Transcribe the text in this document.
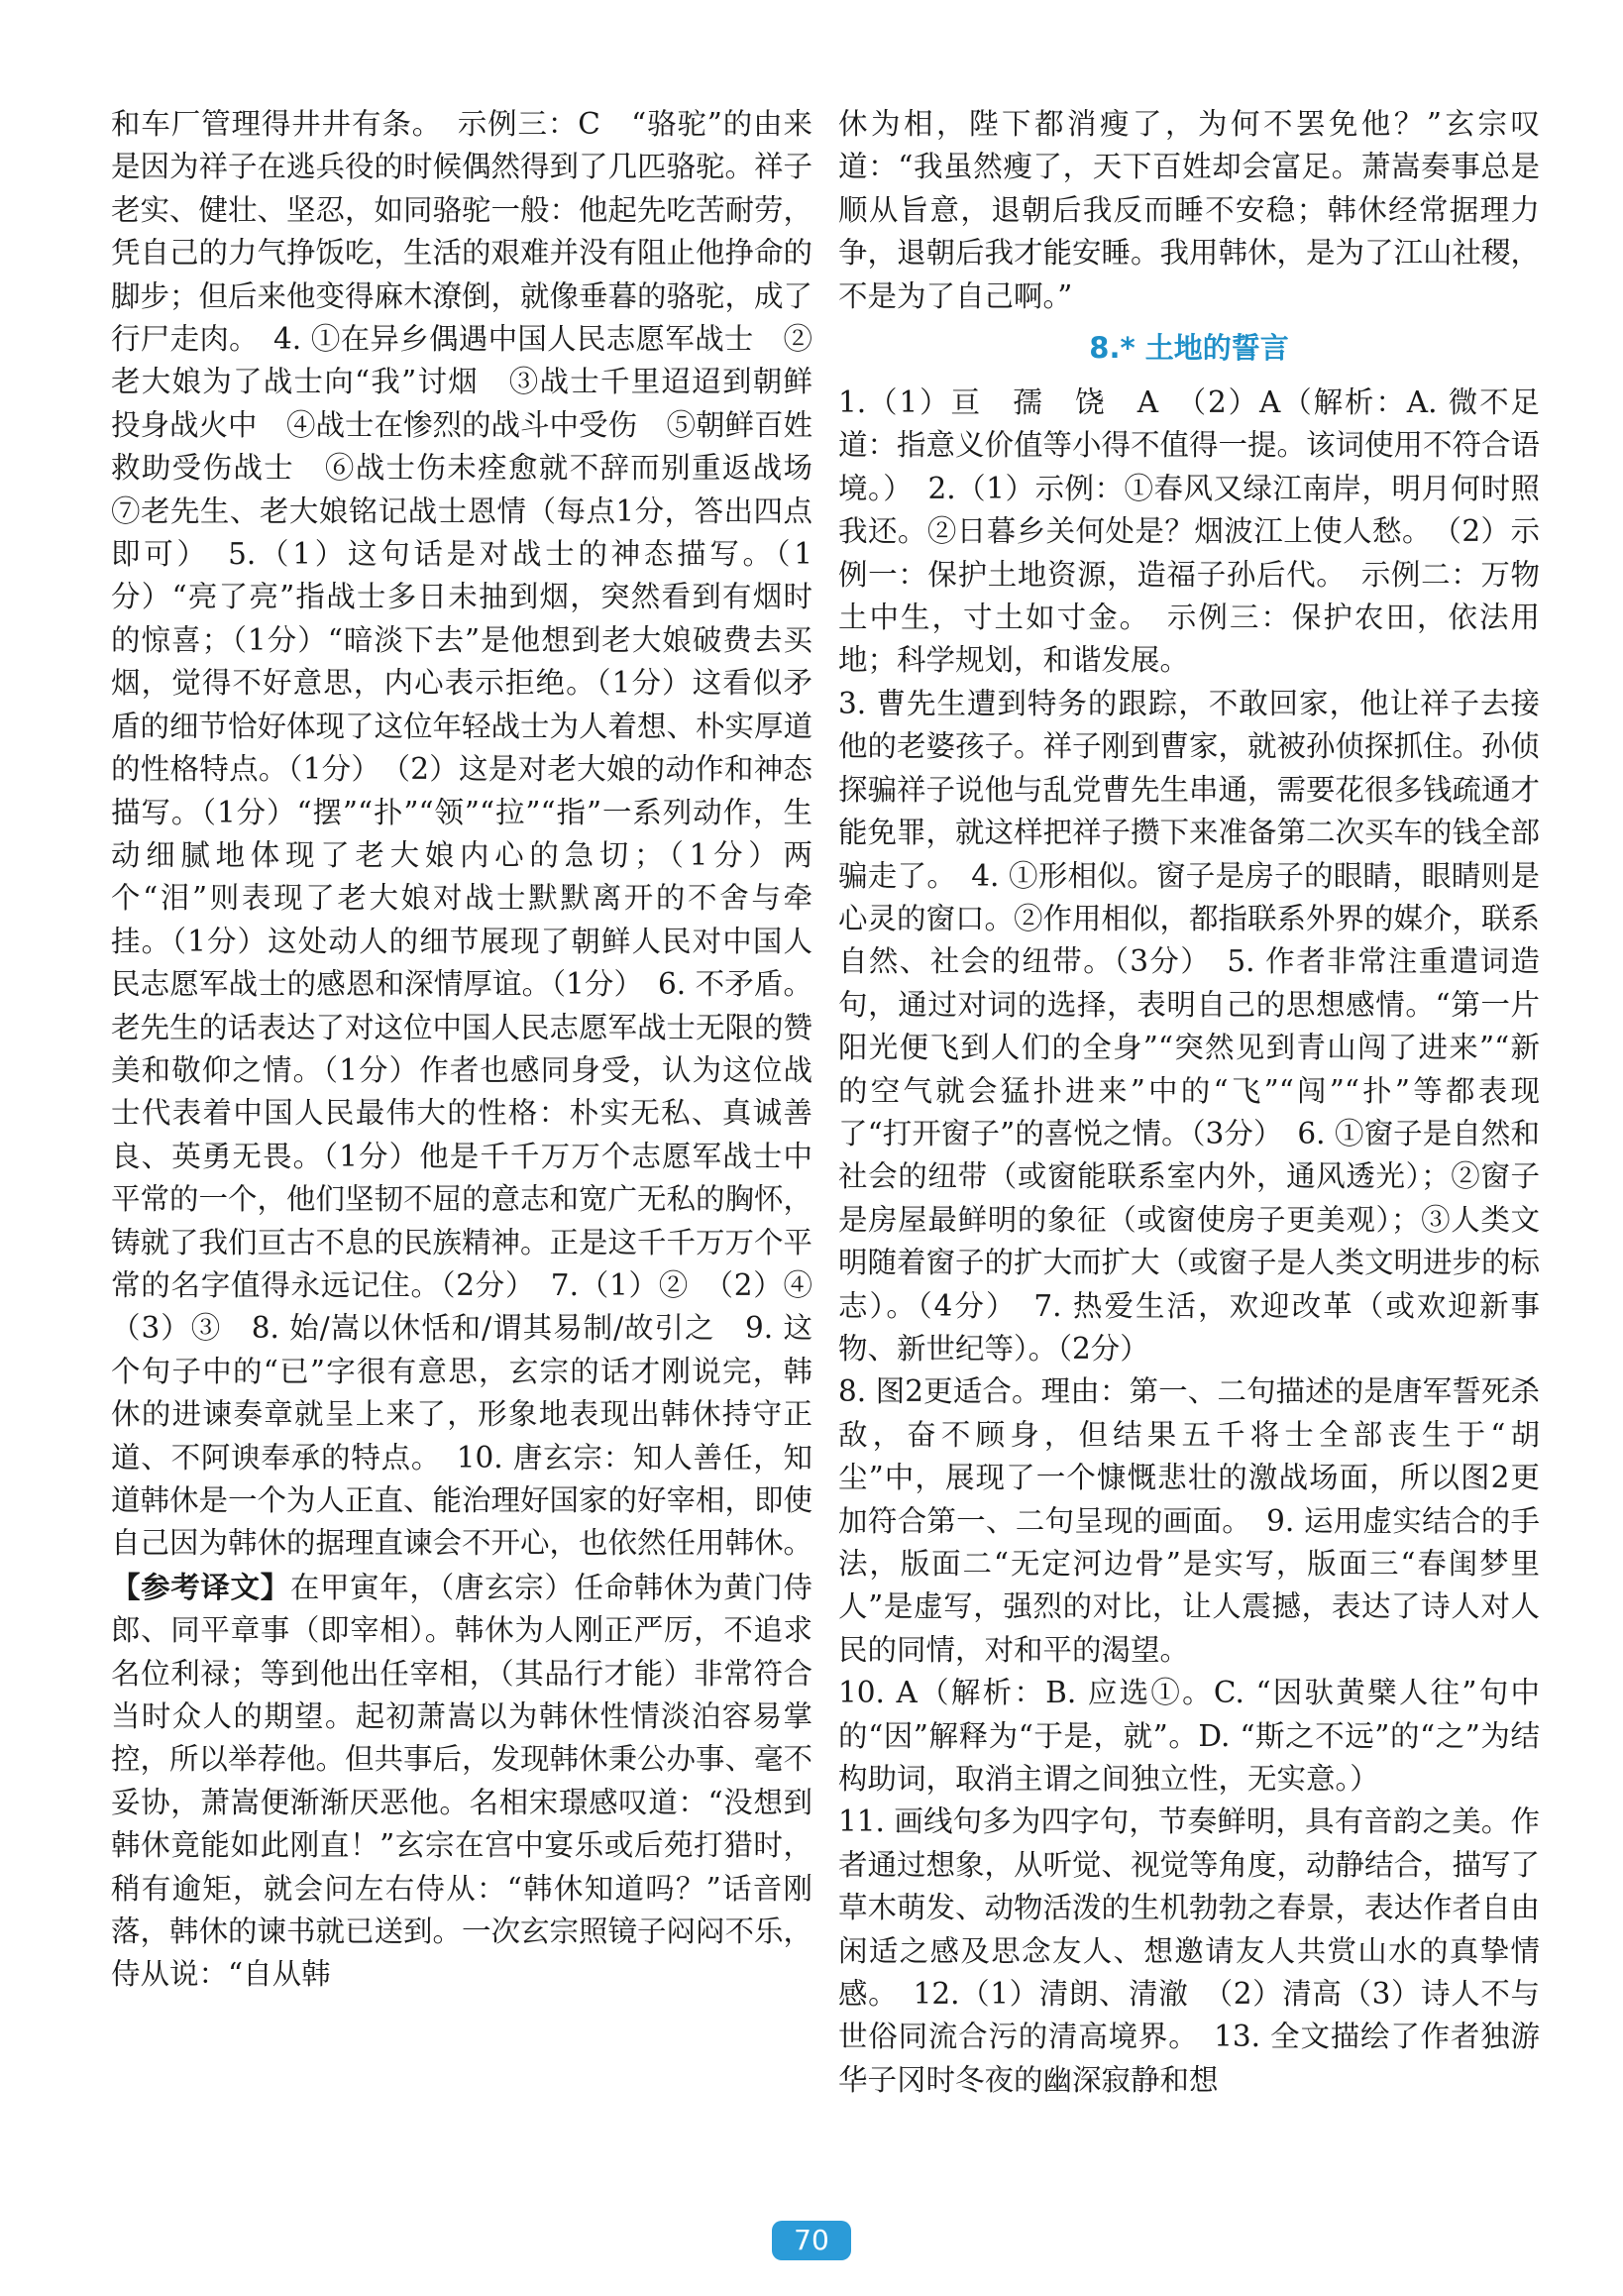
和车厂管理得井井有条。　示例三：C　“骆驼”的由来是因为祥子在逃兵役的时候偶然得到了几匹骆驼。祥子老实、健壮、坚忍，如同骆驼一般：他起先吃苦耐劳，凭自己的力气挣饭吃，生活的艰难并没有阻止他挣命的脚步；但后来他变得麻木潦倒，就像垂暮的骆驼，成了行尸走肉。　4. ①在异乡偶遇中国人民志愿军战士　②老大娘为了战士向“我”讨烟　③战士千里迢迢到朝鲜投身战火中　④战士在惨烈的战斗中受伤　⑤朝鲜百姓救助受伤战士　⑥战士伤未痊愈就不辞而别重返战场　⑦老先生、老大娘铭记战士恩情（每点1分，答出四点即可）　5.（1）这句话是对战士的神态描写。（1分）“亮了亮”指战士多日未抽到烟，突然看到有烟时的惊喜；（1分）“暗淡下去”是他想到老大娘破费去买烟，觉得不好意思，内心表示拒绝。（1分）这看似矛盾的细节恰好体现了这位年轻战士为人着想、朴实厚道的性格特点。（1分）　（2）这是对老大娘的动作和神态描写。（1分）“摆”“扑”“领”“拉”“指”一系列动作，生动细腻地体现了老大娘内心的急切；（1分）两个“泪”则表现了老大娘对战士默默离开的不舍与牵挂。（1分）这处动人的细节展现了朝鲜人民对中国人民志愿军战士的感恩和深情厚谊。（1分）　6. 不矛盾。老先生的话表达了对这位中国人民志愿军战士无限的赞美和敬仰之情。（1分）作者也感同身受，认为这位战士代表着中国人民最伟大的性格：朴实无私、真诚善良、英勇无畏。（1分）他是千千万万个志愿军战士中平常的一个，他们坚韧不屈的意志和宽广无私的胸怀，铸就了我们亘古不息的民族精神。正是这千千万万个平常的名字值得永远记住。（2分）　7.（1）②　（2）④　（3）③　8. 始/嵩以休恬和/谓其易制/故引之　9. 这个句子中的“已”字很有意思，玄宗的话才刚说完，韩休的进谏奏章就呈上来了，形象地表现出韩休持守正道、不阿谀奉承的特点。　10. 唐玄宗：知人善任，知道韩休是一个为人正直、能治理好国家的好宰相，即使自己因为韩休的据理直谏会不开心，也依然任用韩休。

【参考译文】在甲寅年，（唐玄宗）任命韩休为黄门侍郎、同平章事（即宰相）。韩休为人刚正严厉，不追求名位利禄；等到他出任宰相，（其品行才能）非常符合当时众人的期望。起初萧嵩以为韩休性情淡泊容易掌控，所以举荐他。但共事后，发现韩休秉公办事、毫不妥协，萧嵩便渐渐厌恶他。名相宋璟感叹道：“没想到韩休竟能如此刚直！”玄宗在宫中宴乐或后苑打猎时，稍有逾矩，就会问左右侍从：“韩休知道吗？”话音刚落，韩休的谏书就已送到。一次玄宗照镜子闷闷不乐，侍从说：“自从韩

休为相，陛下都消瘦了，为何不罢免他？”玄宗叹道：“我虽然瘦了，天下百姓却会富足。萧嵩奏事总是顺从旨意，退朝后我反而睡不安稳；韩休经常据理力争，退朝后我才能安睡。我用韩休，是为了江山社稷，不是为了自己啊。”

8.* 土地的誓言

1.（1）亘　孺　饶　A　（2）A（解析：A. 微不足道：指意义价值等小得不值得一提。该词使用不符合语境。）　2.（1）示例：①春风又绿江南岸，明月何时照我还。②日暮乡关何处是？烟波江上使人愁。　（2）示例一：保护土地资源，造福子孙后代。　示例二：万物土中生，寸土如寸金。　示例三：保护农田，依法用地；科学规划，和谐发展。

3. 曹先生遭到特务的跟踪，不敢回家，他让祥子去接他的老婆孩子。祥子刚到曹家，就被孙侦探抓住。孙侦探骗祥子说他与乱党曹先生串通，需要花很多钱疏通才能免罪，就这样把祥子攒下来准备第二次买车的钱全部骗走了。　4. ①形相似。窗子是房子的眼睛，眼睛则是心灵的窗口。②作用相似，都指联系外界的媒介，联系自然、社会的纽带。（3分）　5. 作者非常注重遣词造句，通过对词的选择，表明自己的思想感情。“第一片阳光便飞到人们的全身”“突然见到青山闯了进来”“新的空气就会猛扑进来”中的“飞”“闯”“扑”等都表现了“打开窗子”的喜悦之情。（3分）　6. ①窗子是自然和社会的纽带（或窗能联系室内外，通风透光）；②窗子是房屋最鲜明的象征（或窗使房子更美观）；③人类文明随着窗子的扩大而扩大（或窗子是人类文明进步的标志）。（4分）　7. 热爱生活，欢迎改革（或欢迎新事物、新世纪等）。（2分）

8. 图2更适合。理由：第一、二句描述的是唐军誓死杀敌，奋不顾身，但结果五千将士全部丧生于“胡尘”中，展现了一个慷慨悲壮的激战场面，所以图2更加符合第一、二句呈现的画面。　9. 运用虚实结合的手法，版面二“无定河边骨”是实写，版面三“春闺梦里人”是虚写，强烈的对比，让人震撼，表达了诗人对人民的同情，对和平的渴望。

10. A（解析：B. 应选①。C. “因驮黄檗人往”句中的“因”解释为“于是，就”。D. “斯之不远”的“之”为结构助词，取消主谓之间独立性，无实意。）

11. 画线句多为四字句，节奏鲜明，具有音韵之美。作者通过想象，从听觉、视觉等角度，动静结合，描写了草木萌发、动物活泼的生机勃勃之春景，表达作者自由闲适之感及思念友人、想邀请友人共赏山水的真挚情感。　12.（1）清朗、清澈　（2）清高（3）诗人不与世俗同流合污的清高境界。　13. 全文描绘了作者独游华子冈时冬夜的幽深寂静和想

70
